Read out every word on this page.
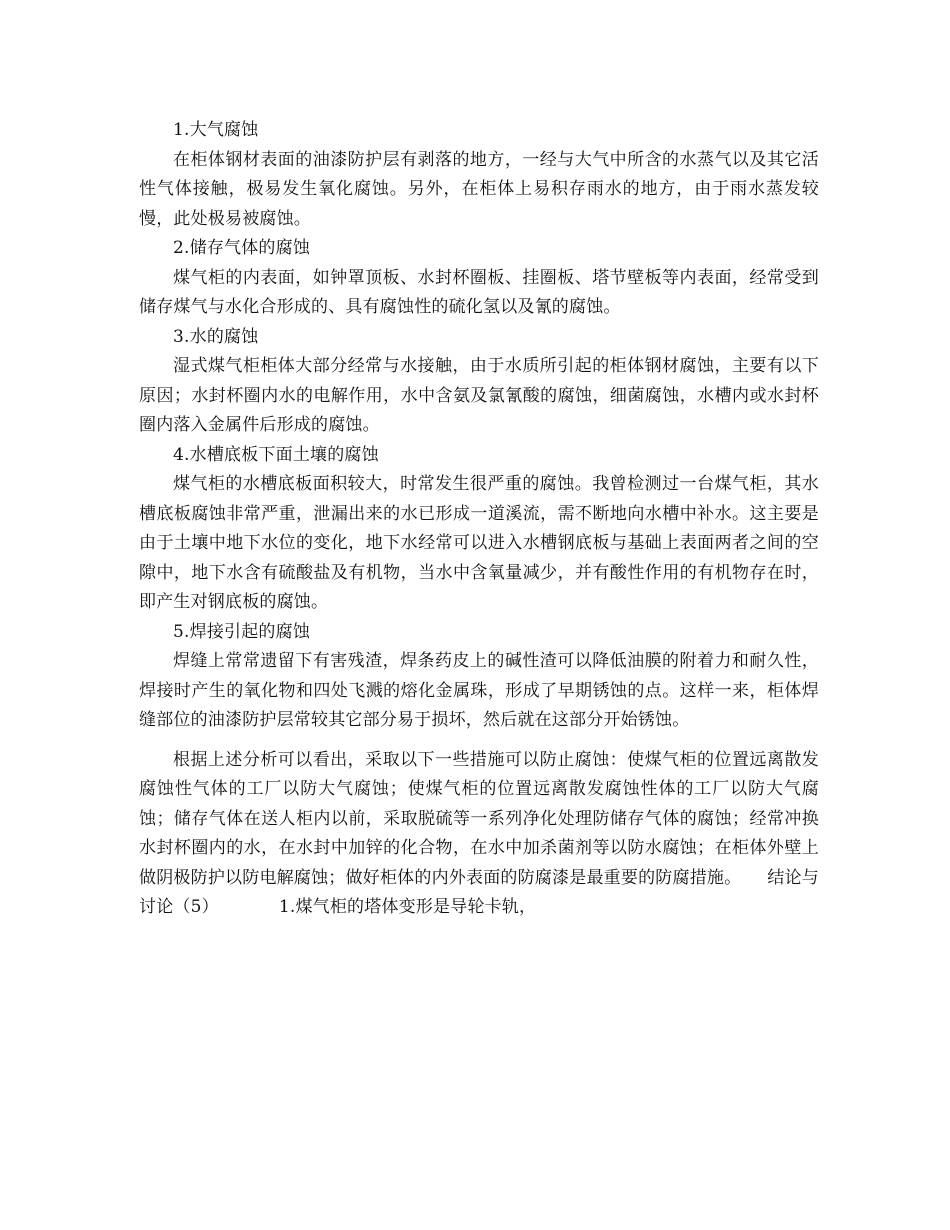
1.大气腐蚀

在柜体钢材表面的油漆防护层有剥落的地方，一经与大气中所含的水蒸气以及其它活性气体接触，极易发生氧化腐蚀。另外，在柜体上易积存雨水的地方，由于雨水蒸发较慢，此处极易被腐蚀。

2.储存气体的腐蚀

煤气柜的内表面，如钟罩顶板、水封杯圈板、挂圈板、塔节壁板等内表面，经常受到储存煤气与水化合形成的、具有腐蚀性的硫化氢以及氰的腐蚀。

3.水的腐蚀

湿式煤气柜柜体大部分经常与水接触，由于水质所引起的柜体钢材腐蚀，主要有以下原因；水封杯圈内水的电解作用，水中含氨及氯氰酸的腐蚀，细菌腐蚀，水槽内或水封杯圈内落入金属件后形成的腐蚀。

4.水槽底板下面土壤的腐蚀

煤气柜的水槽底板面积较大，时常发生很严重的腐蚀。我曾检测过一台煤气柜，其水槽底板腐蚀非常严重，泄漏出来的水已形成一道溪流，需不断地向水槽中补水。这主要是由于土壤中地下水位的变化，地下水经常可以进入水槽钢底板与基础上表面两者之间的空隙中，地下水含有硫酸盐及有机物，当水中含氧量减少，并有酸性作用的有机物存在时，即产生对钢底板的腐蚀。

5.焊接引起的腐蚀

焊缝上常常遗留下有害残渣，焊条药皮上的碱性渣可以降低油膜的附着力和耐久性，焊接时产生的氧化物和四处飞溅的熔化金属珠，形成了早期锈蚀的点。这样一来，柜体焊缝部位的油漆防护层常较其它部分易于损坏，然后就在这部分开始锈蚀。

根据上述分析可以看出，采取以下一些措施可以防止腐蚀：使煤气柜的位置远离散发腐蚀性气体的工厂以防大气腐蚀；使煤气柜的位置远离散发腐蚀性体的工厂以防大气腐蚀；储存气体在送人柜内以前，采取脱硫等一系列净化处理防储存气体的腐蚀；经常冲换水封杯圈内的水，在水封中加锌的化合物，在水中加杀菌剂等以防水腐蚀；在柜体外壁上做阴极防护以防电解腐蚀；做好柜体的内外表面的防腐漆是最重要的防腐措施。 结论与讨论（5）	1.煤气柜的塔体变形是导轮卡轨，
